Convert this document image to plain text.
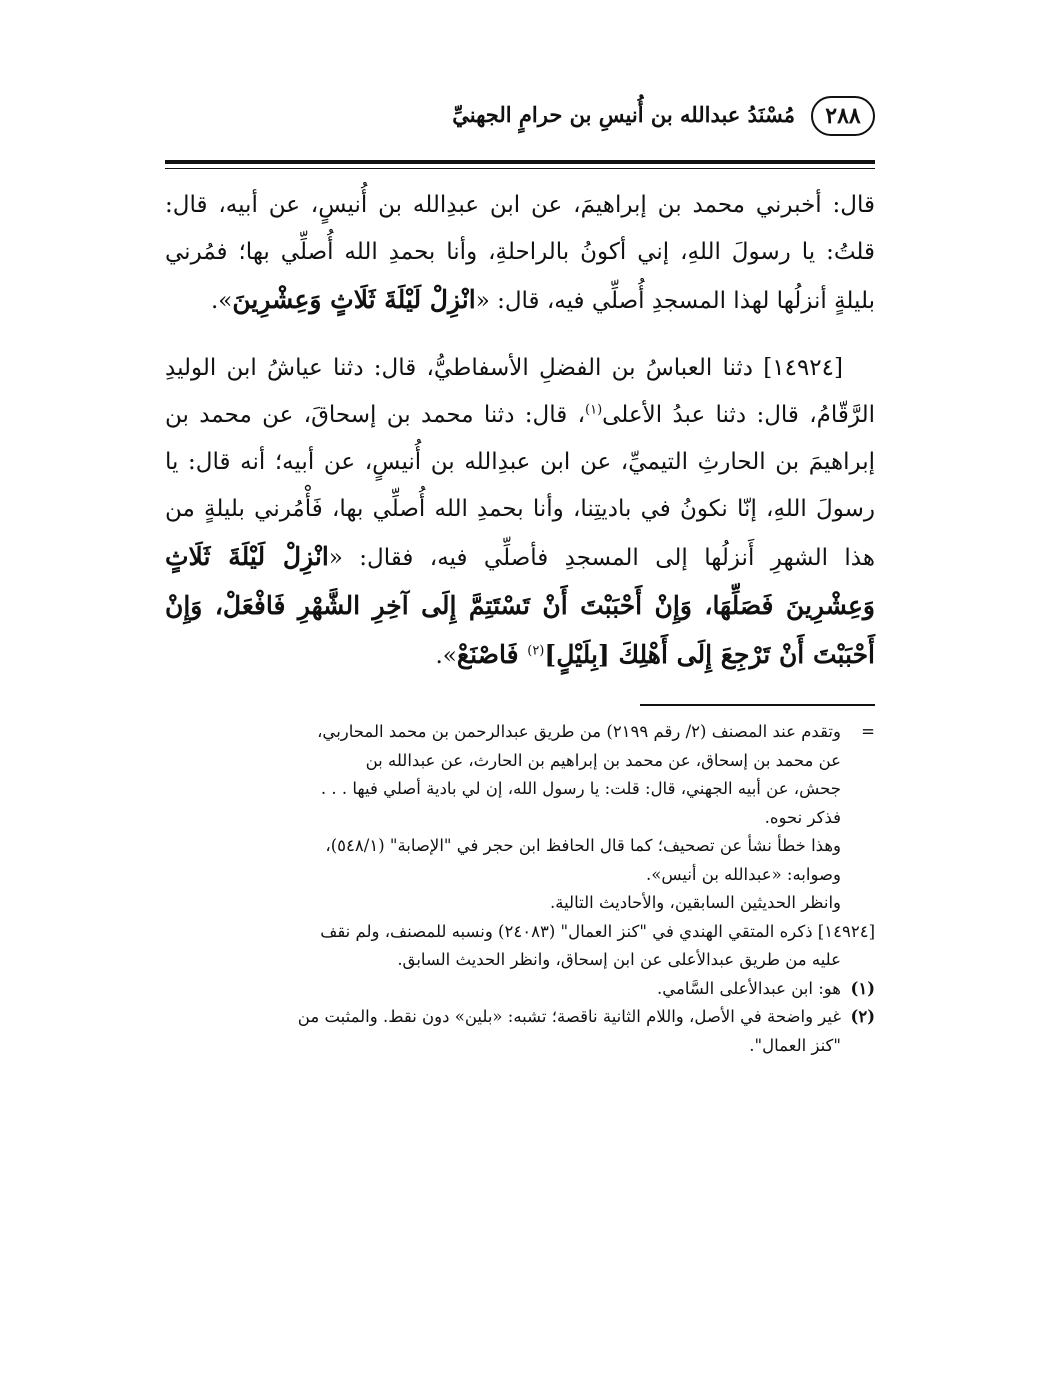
٢٨٨
مُسْنَدُ عبدالله بن أُنيسِ بن حرامٍ الجهنيِّ

قال: أخبرني محمد بن إبراهيمَ، عن ابن عبدِالله بن أُنيسٍ، عن أبيه، قال: قلتُ: يا رسولَ اللهِ، إني أكونُ بالراحلةِ، وأنا بحمدِ الله أُصلِّي بها؛ فمُرني بليلةٍ أنزلُها لهذا المسجدِ أُصلِّي فيه، قال: «انْزِلْ لَيْلَةَ ثَلَاثٍ وَعِشْرِينَ».

[١٤٩٢٤] دثنا العباسُ بن الفضلِ الأسفاطيُّ، قال: دثنا عياشُ ابن الوليدِ الرَّقّامُ، قال: دثنا عبدُ الأعلى$^{(١)}$، قال: دثنا محمد بن إسحاقَ، عن محمد بن إبراهيمَ بن الحارثِ التيميِّ، عن ابن عبدِالله بن أُنيسٍ، عن أبيه؛ أنه قال: يا رسولَ اللهِ، إنّا نكونُ في باديتِنا، وأنا بحمدِ الله أُصلِّي بها، فَأْمُرني بليلةٍ من هذا الشهرِ أَنزلُها إلى المسجدِ فأصلِّي فيه، فقال: «انْزِلْ لَيْلَةَ ثَلَاثٍ وَعِشْرِينَ فَصَلِّهَا، وَإِنْ أَحْبَبْتَ أَنْ تَسْتَتِمَّ إِلَى آخِرِ الشَّهْرِ فَافْعَلْ، وَإِنْ أَحْبَبْتَ أَنْ تَرْجِعَ إِلَى أَهْلِكَ [بِلَيْلٍ]$^{(٢)}$ فَاصْنَعْ».

=
وتقدم عند المصنف (٢/ رقم ٢١٩٩) من طريق عبدالرحمن بن محمد المحاربي،
عن محمد بن إسحاق، عن محمد بن إبراهيم بن الحارث، عن عبدالله بن
جحش، عن أبيه الجهني، قال: قلت: يا رسول الله، إن لي بادية أصلي فيها . . .
فذكر نحوه.
وهذا خطأ نشأ عن تصحيف؛ كما قال الحافظ ابن حجر في "الإصابة" (٥٤٨/١)،
وصوابه: «عبدالله بن أنيس».
وانظر الحديثين السابقين، والأحاديث التالية.
[١٤٩٢٤] ذكره المتقي الهندي في "كنز العمال" (٢٤٠٨٣) ونسبه للمصنف، ولم نقف
عليه من طريق عبدالأعلى عن ابن إسحاق، وانظر الحديث السابق.
(١)
هو: ابن عبدالأعلى السَّامي.
(٢)
غير واضحة في الأصل، واللام الثانية ناقصة؛ تشبه: «بلين» دون نقط. والمثبت من
"كنز العمال".
